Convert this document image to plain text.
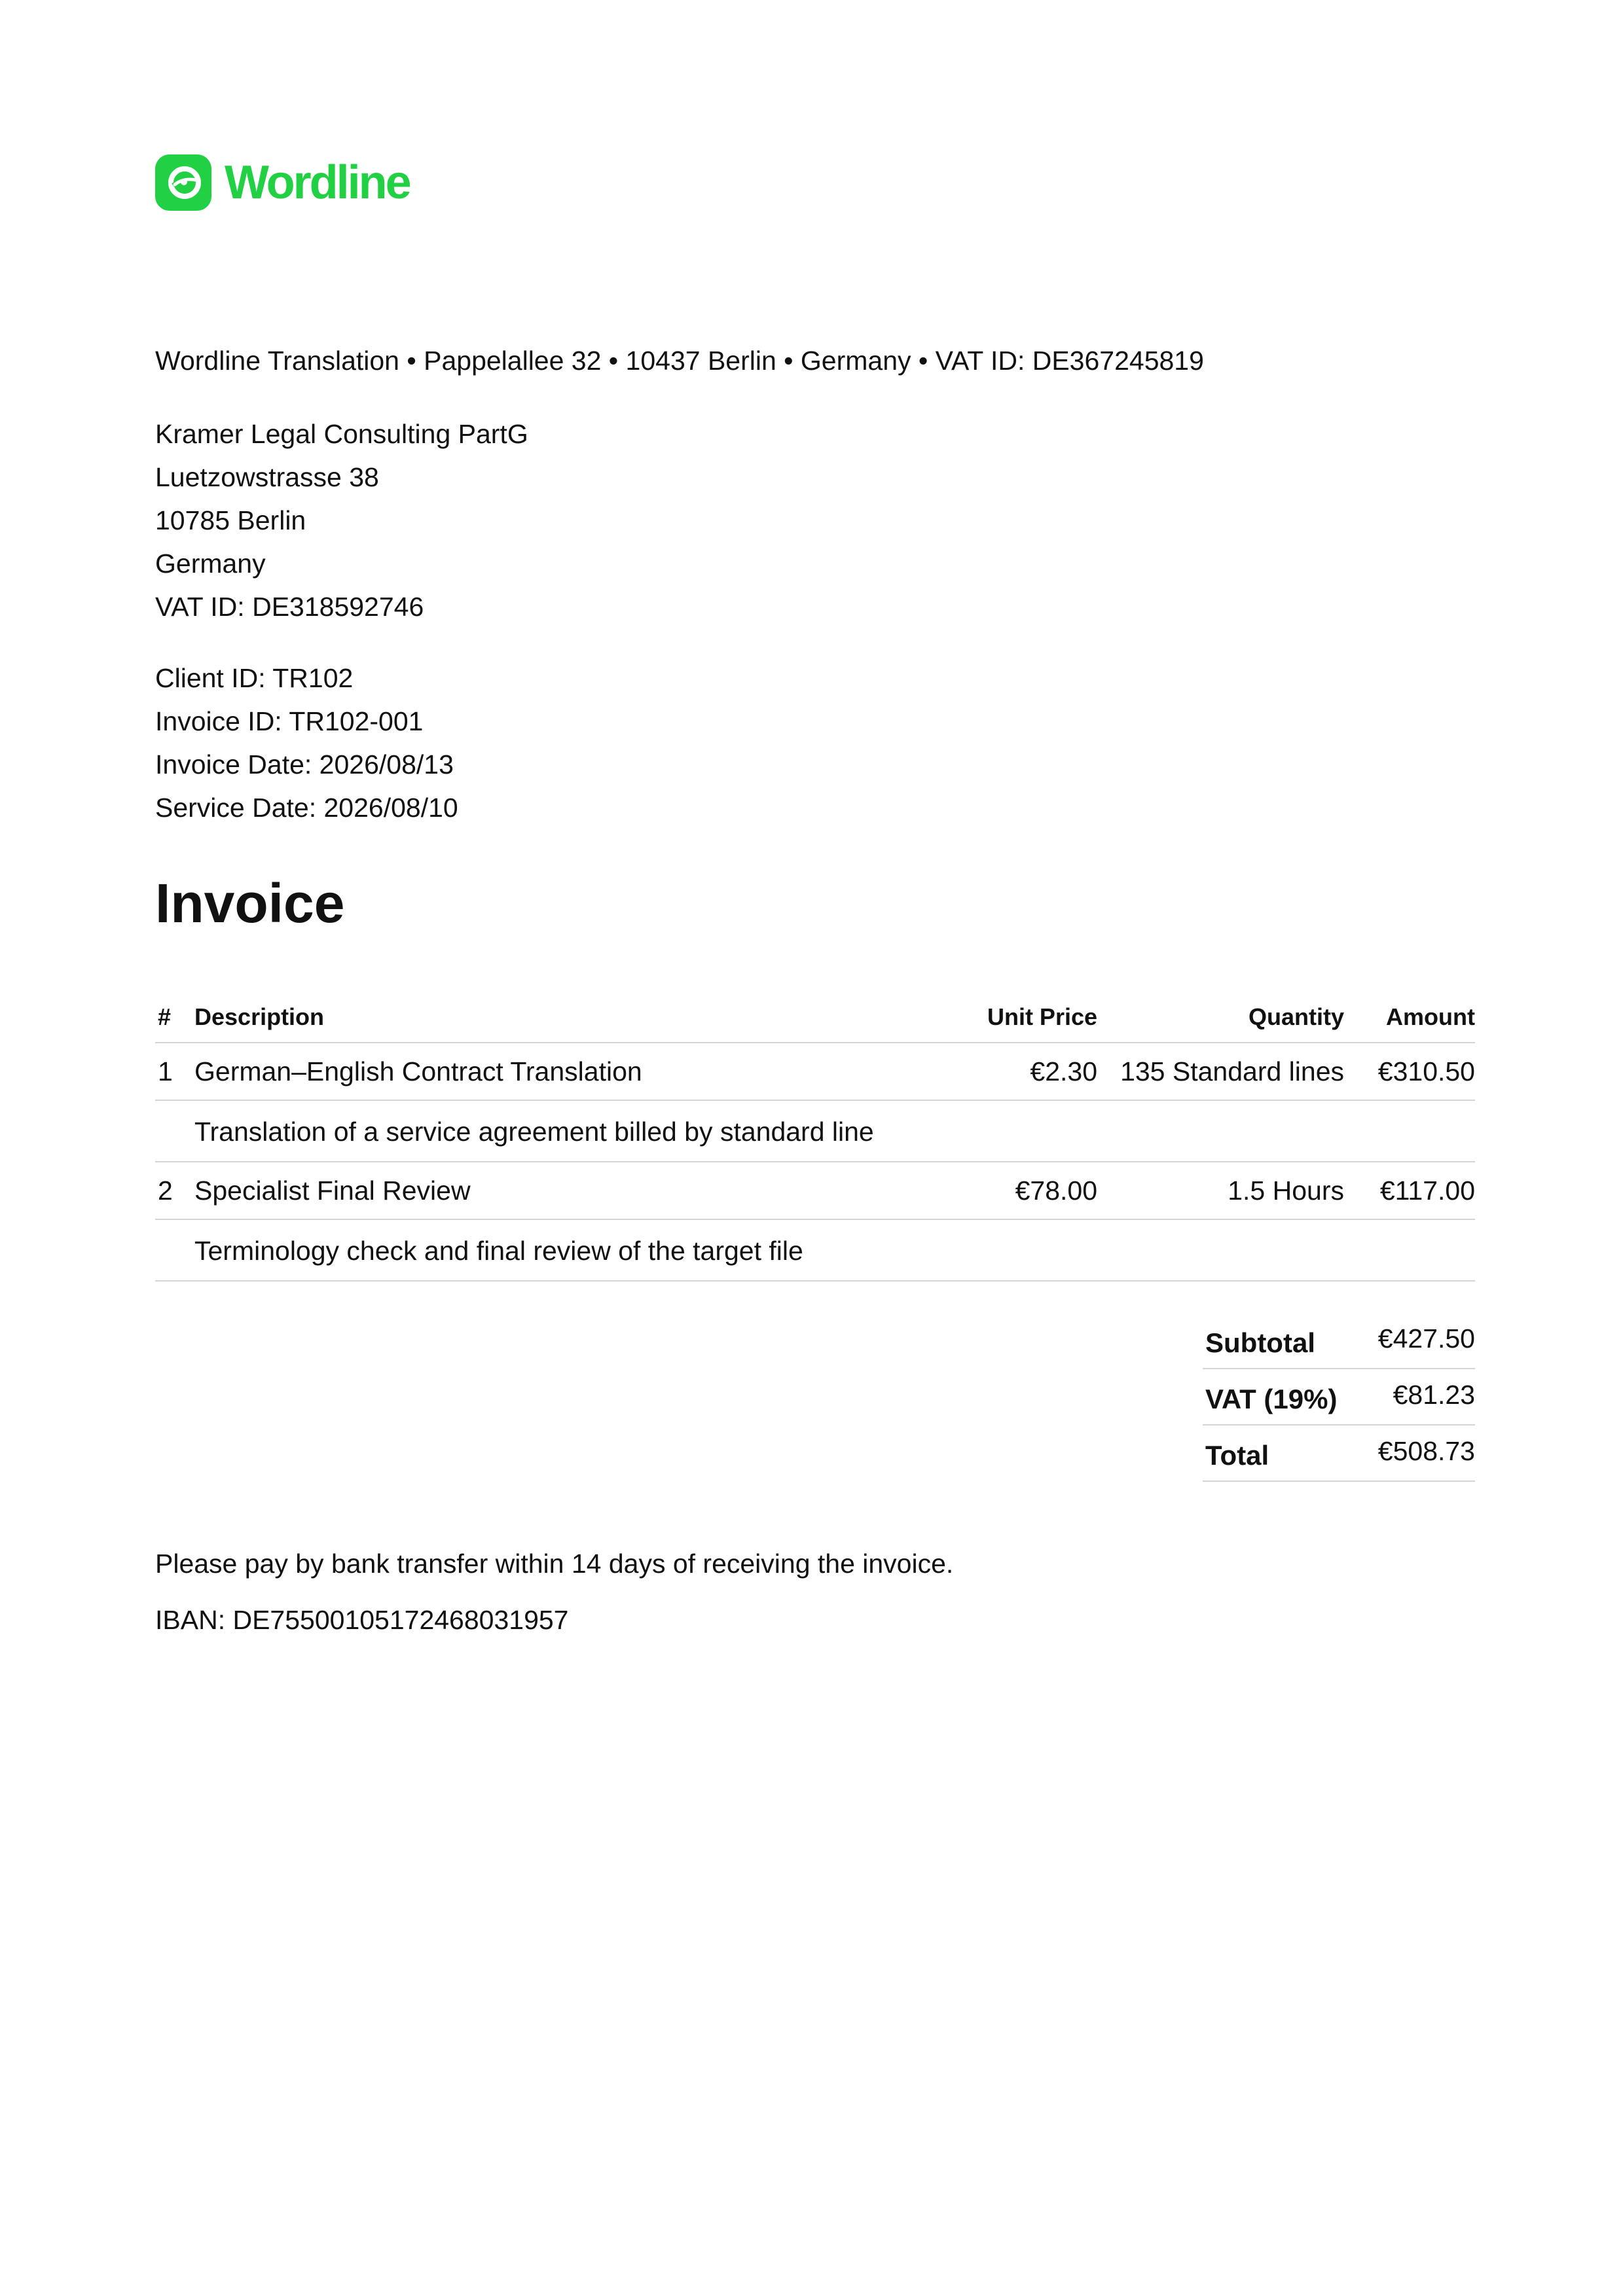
Wordline
Wordline Translation • Pappelallee 32 • 10437 Berlin • Germany • VAT ID: DE367245819
Kramer Legal Consulting PartG
Luetzowstrasse 38
10785 Berlin
Germany
VAT ID: DE318592746
Client ID: TR102
Invoice ID: TR102-001
Invoice Date: 2026/08/13
Service Date: 2026/08/10
Invoice
# Description	Unit Price	Quantity Amount
1 German–English Contract Translation	€2.30 135 Standard lines €310.50
Translation of a service agreement billed by standard line
2 Specialist Final Review	€78.00	1.5 Hours €117.00
Terminology check and final review of the target file
Subtotal €427.50
VAT (19%) €81.23
Total	€508.73
Please pay by bank transfer within 14 days of receiving the invoice.
IBAN: DE75500105172468031957
